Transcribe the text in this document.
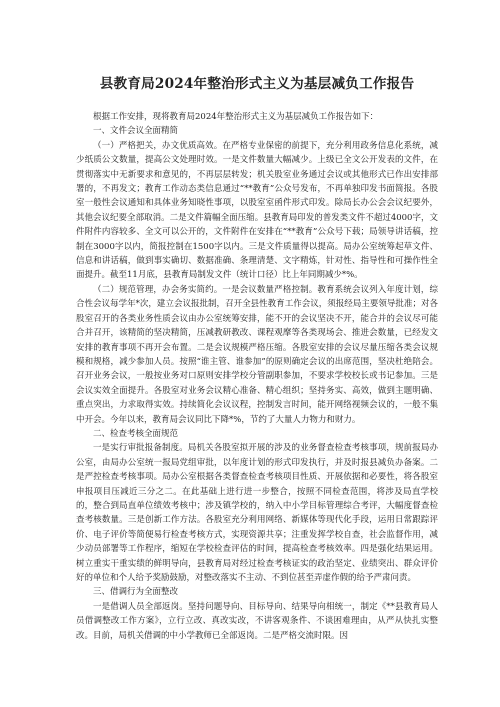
县教育局2024年整治形式主义为基层减负工作报告

根据工作安排，现将教育局2024年整治形式主义为基层减负工作报告如下：

一、文件会议全面精简

（一）严格把关，办文优质高效。在严格专业保密的前提下，充分利用政务信息化系统，减少纸质公文数量，提高公文处理时效。一是文件数量大幅减少。上级已全文公开发表的文件，在贯彻落实中无新要求和意见的，不再层层转发；机关股室业务通过会议或其他形式已作出安排部署的，不再发文；教育工作动态类信息通过“**教育”公众号发布，不再单独印发书面简报。各股室一般性会议通知和具体业务知晓性事项，以股室室函件形式印发。除局长办公会会议纪要外，其他会议纪要全部取消。二是文件篇幅全面压缩。县教育局印发的普发类文件不超过4000字，文件附件内容较多、全文可以公开的，文件附件在安排在“**教育”公众号下载；局领导讲话稿，控制在3000字以内，简报控制在1500字以内。三是文件质量得以提高。局办公室统筹起草文件、信息和讲话稿，做到事实确切、数据准确、条理清楚、文字精炼，针对性、指导性和可操作性全面提升。截至11月底，县教育局制发文件（统计口径）比上年同期减少*%。

（二）规范管理，办会务实简约。一是会议数量严格控制。教育系统会议列入年度计划，综合性会议每学年*次，建立会议报批制，召开全县性教育工作会议，须报经局主要领导批准；对各股室召开的各类业务性质会议由办公室统筹安排，能不开的会议坚决不开，能合并的会议尽可能合并召开，该精简的坚决精简，压减教研教改、课程观摩等各类现场会、推进会数量，已经发文安排的教育事项不再开会布置。二是会议规模严格压缩。各股室安排的会议尽量压缩各类会议规模和规格，减少参加人员。按照“谁主管、谁参加”的原则确定会议的出席范围，坚决杜绝陪会。召开业务会议，一般按业务对口原则安排学校分管副职参加，不要求学校校长或书记参加。三是会议实效全面提升。各股室对业务会议精心准备、精心组织；坚持务实、高效，做到主题明确、重点突出，力求取得实效。持续简化会议议程，控制发言时间，能开网络视频会议的，一般不集中开会。今年以来，教育局会议同比下降*%，节约了大量人力物力和财力。

二、检查考核全面规范

一是实行审批报备制度。局机关各股室拟开展的涉及的业务督查检查考核事项，规前报局办公室，由局办公室统一报局党组审批，以年度计划的形式印发执行，并及时报县减负办备案。二是严控检查考核事项。局办公室根据各类督查检查考核项目性质、开展依据和必要性，将各股室申报项目压减近三分之二。在此基础上进行进一步整合，按照不同检查范围，将涉及局直学校的，整合到局直单位绩效考核中；涉及镇学校的，纳入中小学目标管理综合考评，大幅度督查检查考核数量。三是创新工作方法。各股室充分利用网络、新媒体等现代化手段，运用日常跟踪评价、电子评价等简便易行检查考核方式，实现资源共享；注重发挥学校自查，社会监督作用，减少动员部署等工作程序，缩短在学校检查评估的时间，提高检查考核效率。四是强化结果运用。树立重实干重实绩的鲜明导向，县教育局对经过检查考核证实的政治坚定、业绩突出、群众评价好的单位和个人给予奖励鼓励，对整改落实不主动、不到位甚至弄虚作假的给予严肃问责。

三、借调行为全面整改

一是借调人员全部返岗。坚持问题导向、目标导向、结果导向相统一，制定《**县教育局人员借调整改工作方案》，立行立改、真改实改，不讲客观条件、不谈困难理由，从严从快扎实整改。目前，局机关借调的中小学教师已全部返岗。二是严格交流时限。因
